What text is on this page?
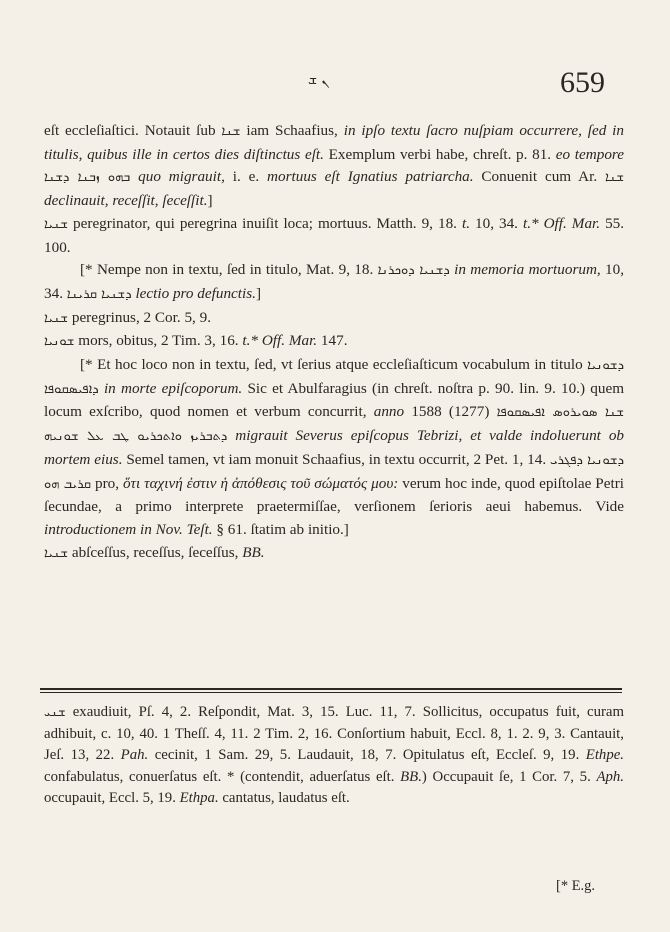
ܢ ܫ	659

eſt eccleſiaſtici. Notauit ſub ܫܢܐ iam Schaafius, in ipſo textu ſacro nuſpiam occurrere, ſed in titulis, quibus ille in certos dies diſtinctus eſt. Exemplum verbi habe, chreſt. p. 81. eo tempore ܒܗܘ ܙܒܢܐ ܕܫܢܐ quo migrauit, i. e. mortuus eſt Ignatius patriarcha. Conuenit cum Ar. ܫܢܐ declinauit, receſſit, ſeceſſit.]

ܫܢܝܐ peregrinator, qui peregrina inuiſit loca; mortuus. Matth. 9, 18. t. 10, 34. t.* Off. Mar. 55. 100.

[* Nempe non in textu, ſed in titulo, Mat. 9, 18. ܕܫܢܝܐ ܕܘܟܪܢܐ in memoria mortuorum, 10, 34. ܕܫܢܝܐ ܩܪܝܢܐ lectio pro defunctis.]

ܫܢܝܐ peregrinus, 2 Cor. 5, 9.

ܫܘܢܝܐ mors, obitus, 2 Tim. 3, 16. t.* Off. Mar. 147.

[* Et hoc loco non in textu, ſed, vt ſerius atque eccleſiaſticum vocabulum in titulo ܕܫܘܢܝܐ ܕܐܦܝܣܩܘܦܐ in morte epiſcoporum. Sic et Abulfaragius (in chreſt. noſtra p. 90. lin. 9. 10.) quem locum exſcribo, quod nomen et verbum concurrit, anno 1588 (1277) ܫܢܐ ܣܘܝܪܘܣ ܐܦܝܣܩܘܦܐ ܕܬܒܪܝܙ ܘܐܬܟܪܝܘ ܛܒ ܥܠ ܫܘܢܝܗ migrauit Severus epiſcopus Tebrizi, et valde indoluerunt ob mortem eius. Semel tamen, vt iam monuit Schaafius, in textu occurrit, 2 Pet. 1, 14. ܕܫܘܢܝܐ ܕܦܓܪܝ ܩܪܝܒ ܗܘ pro, ὅτι ταχινή ἐστιν ἡ ἀπόθεσις τοῦ σώματός μου: verum hoc inde, quod epiſtolae Petri ſecundae, a primo interprete praetermiſſae, verſionem ſerioris aeui habemus. Vide introductionem in Nov. Teſt. § 61. ſtatim ab initio.]

ܫܢܝܐ abſceſſus, receſſus, ſeceſſus, BB.

ܫܢܝ exaudiuit, Pſ. 4, 2. Reſpondit, Mat. 3, 15. Luc. 11, 7. Sollicitus, occupatus fuit, curam adhibuit, c. 10, 40. 1 Theſſ. 4, 11. 2 Tim. 2, 16. Conſortium habuit, Eccl. 8, 1. 2. 9, 3. Cantauit, Jeſ. 13, 22. Pah. cecinit, 1 Sam. 29, 5. Laudauit, 18, 7. Opitulatus eſt, Eccleſ. 9, 19. Ethpe. confabulatus, conuerſatus eſt. * (contendit, aduerſatus eſt. BB.) Occupauit ſe, 1 Cor. 7, 5. Aph. occupauit, Eccl. 5, 19. Ethpa. cantatus, laudatus eſt.

[* E.g.
